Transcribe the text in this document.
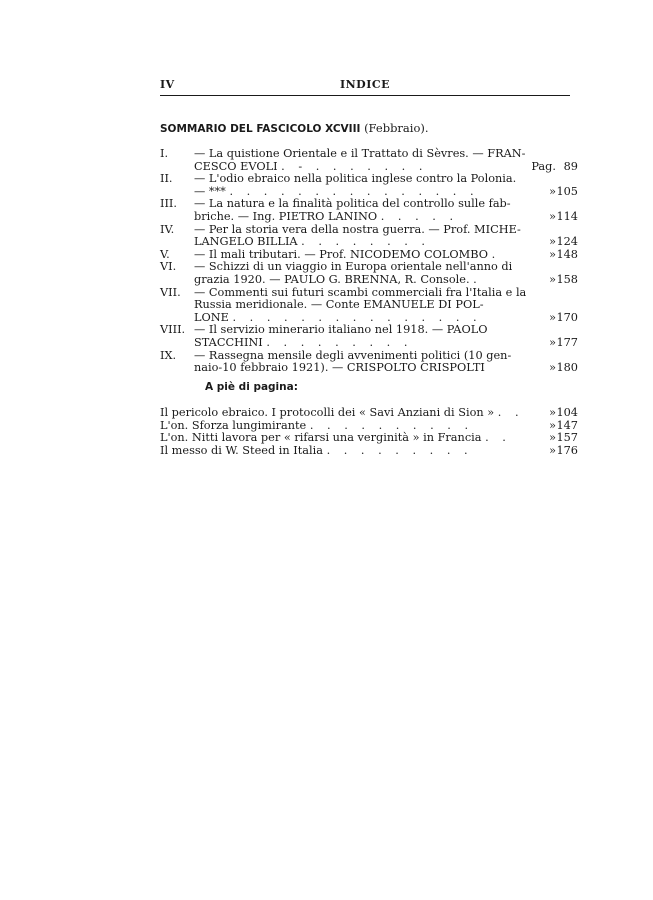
IV	INDICE
SOMMARIO DEL FASCICOLO XCVIII (Febbraio).
I. — La quistione Orientale e il Trattato di Sèvres. — FRAN-
CESCO EVOLI . - . . . . . . .	Pag. 89
II. — L'odio ebraico nella politica inglese contro la Polonia.
— *** . . . . . . . . . . . . . . .	» 105
III. — La natura e la finalità politica del controllo sulle fab-
briche. — Ing. PIETRO LANINO . . . . .	» 114
IV. — Per la storia vera della nostra guerra. — Prof. MICHE-
LANGELO BILLIA . . . . . . . .	» 124
V. — Il mali tributari. — Prof. NICODEMO COLOMBO .	» 148
VI. — Schizzi di un viaggio in Europa orientale nell'anno di
grazia 1920. — PAULO G. BRENNA, R. Console. .	» 158
VII. — Commenti sui futuri scambi commerciali fra l'Italia e la
Russia meridionale. — Conte EMANUELE DI POL-
LONE . . . . . . . . . . . . . . .	» 170
VIII. — Il servizio minerario italiano nel 1918. — PAOLO
STACCHINI . . . . . . . . .	» 177
IX. — Rassegna mensile degli avvenimenti politici (10 gen-
naio-10 febbraio 1921). — CRISPOLTO CRISPOLTI	» 180
A piè di pagina:
Il pericolo ebraico. I protocolli dei « Savi Anziani di Sion » . . » 104
L'on. Sforza lungimirante . . . . . . . . . .	» 147
L'on. Nitti lavora per « rifarsi una verginità » in Francia . .	» 157
Il messo di W. Steed in Italia . . . . . . . . .	» 176
